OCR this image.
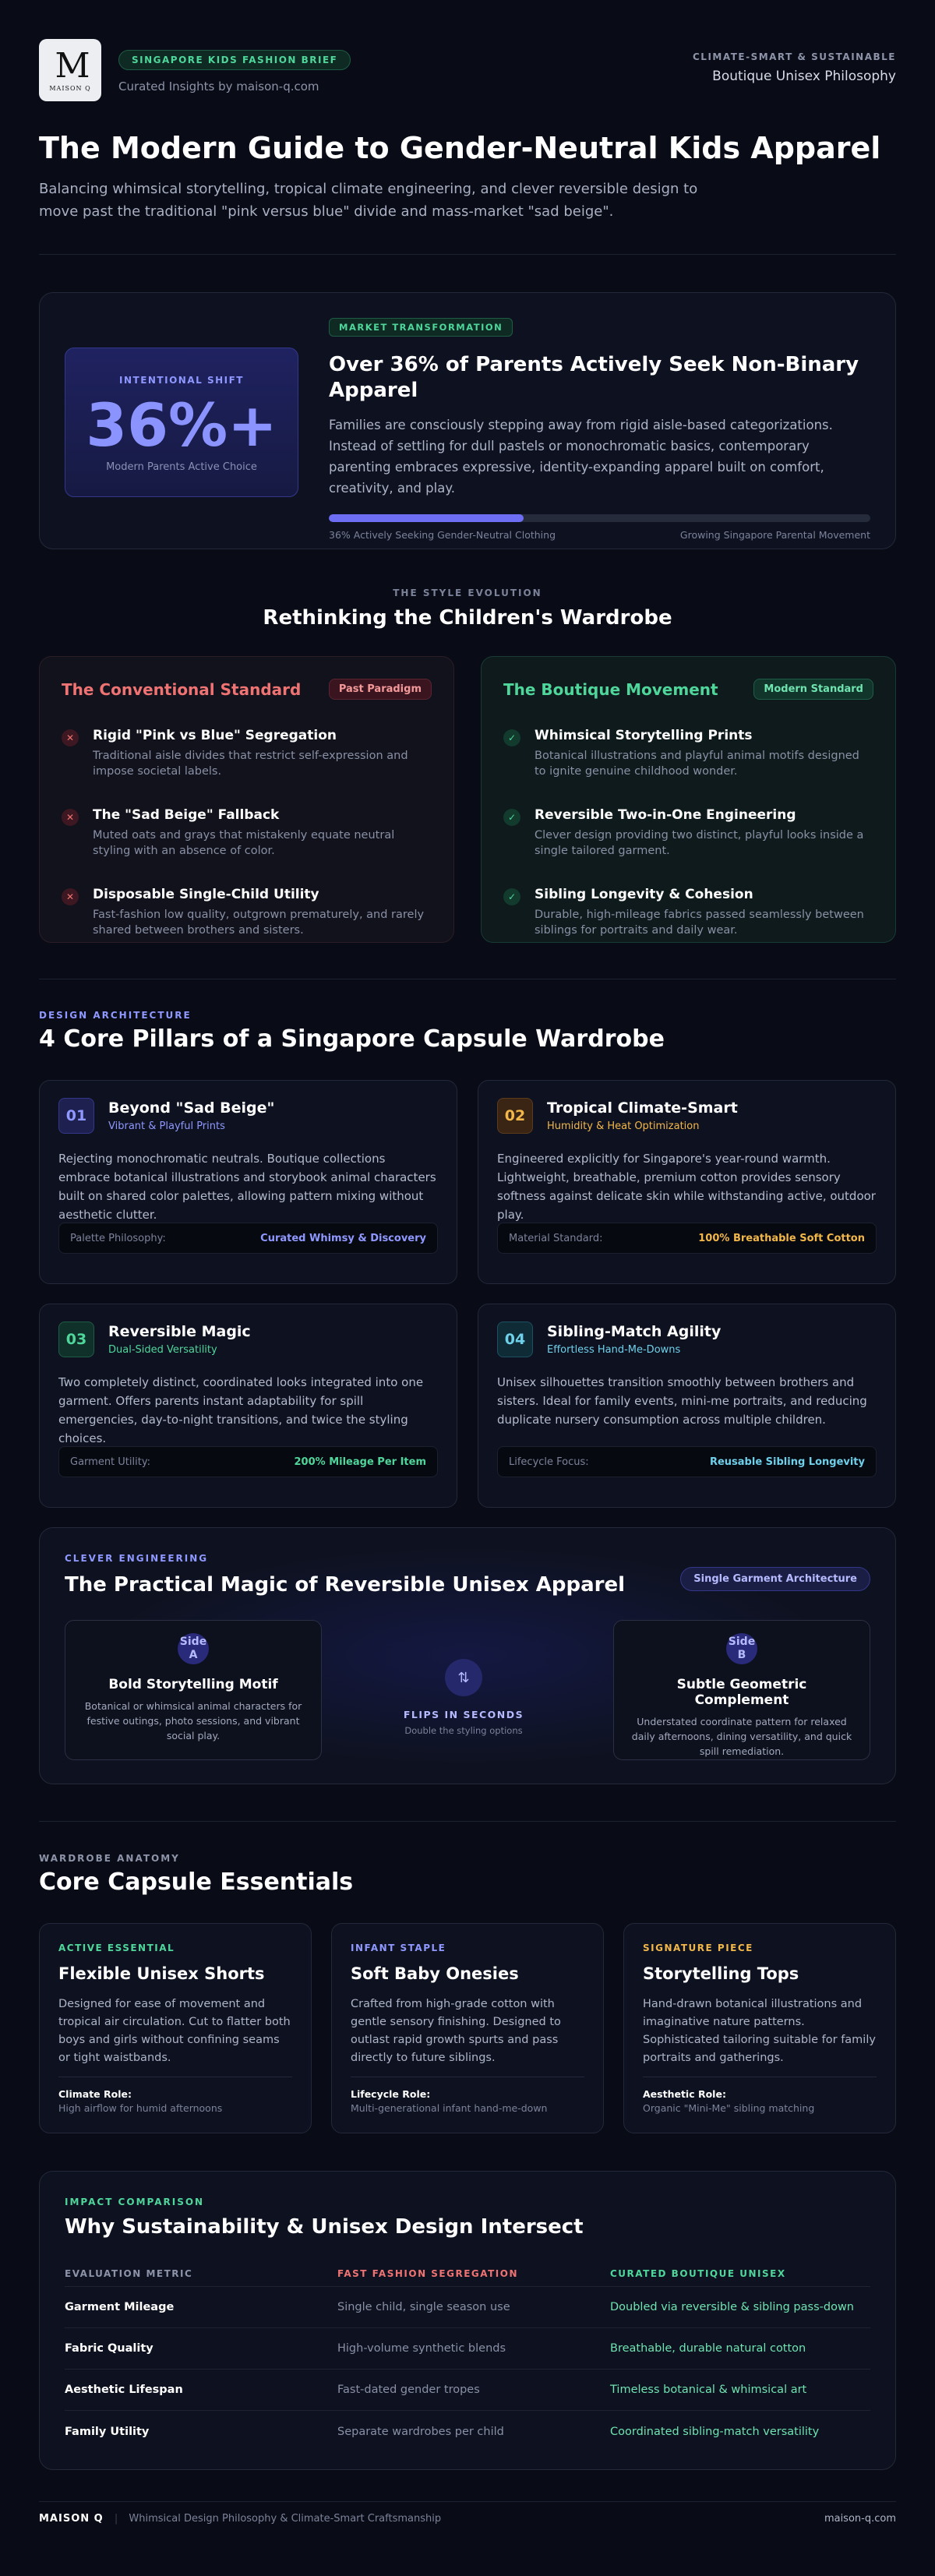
M
MAISON Q
SINGAPORE KIDS FASHION BRIEF
Curated Insights by maison-q.com
CLIMATE-SMART & SUSTAINABLE
Boutique Unisex Philosophy
The Modern Guide to Gender-Neutral Kids Apparel

Balancing whimsical storytelling, tropical climate engineering, and clever reversible design to move past the traditional "pink versus blue" divide and mass-market "sad beige".

INTENTIONAL SHIFT
36%+
Modern Parents Active Choice
MARKET TRANSFORMATION
Over 36% of Parents Actively Seek Non-Binary Apparel

Families are consciously stepping away from rigid aisle-based categorizations. Instead of settling for dull pastels or monochromatic basics, contemporary parenting embraces expressive, identity-expanding apparel built on comfort, creativity, and play.

36% Actively Seeking Gender-Neutral Clothing	Growing Singapore Parental Movement
THE STYLE EVOLUTION
Rethinking the Children's Wardrobe
The Conventional Standard	Past Paradigm
✕	Rigid "Pink vs Blue" Segregation

Traditional aisle divides that restrict self-expression and impose societal labels.

✕	The "Sad Beige" Fallback

Muted oats and grays that mistakenly equate neutral styling with an absence of color.

✕	Disposable Single-Child Utility

Fast-fashion low quality, outgrown prematurely, and rarely shared between brothers and sisters.

The Boutique Movement	Modern Standard
✓	Whimsical Storytelling Prints

Botanical illustrations and playful animal motifs designed to ignite genuine childhood wonder.

✓	Reversible Two-in-One Engineering

Clever design providing two distinct, playful looks inside a single tailored garment.

✓	Sibling Longevity & Cohesion

Durable, high-mileage fabrics passed seamlessly between siblings for portraits and daily wear.

DESIGN ARCHITECTURE
4 Core Pillars of a Singapore Capsule Wardrobe
01	Beyond "Sad Beige"
Vibrant & Playful Prints

Rejecting monochromatic neutrals. Boutique collections embrace botanical illustrations and storybook animal characters built on shared color palettes, allowing pattern mixing without aesthetic clutter.

Palette Philosophy:	Curated Whimsy & Discovery
02	Tropical Climate-Smart
Humidity & Heat Optimization

Engineered explicitly for Singapore's year-round warmth. Lightweight, breathable, premium cotton provides sensory softness against delicate skin while withstanding active, outdoor play.

Material Standard:	100% Breathable Soft Cotton
03	Reversible Magic
Dual-Sided Versatility

Two completely distinct, coordinated looks integrated into one garment. Offers parents instant adaptability for spill emergencies, day-to-night transitions, and twice the styling choices.

Garment Utility:	200% Mileage Per Item
04	Sibling-Match Agility
Effortless Hand-Me-Downs

Unisex silhouettes transition smoothly between brothers and sisters. Ideal for family events, mini-me portraits, and reducing duplicate nursery consumption across multiple children.

Lifecycle Focus:	Reusable Sibling Longevity
CLEVER ENGINEERING
The Practical Magic of Reversible Unisex Apparel	Single Garment Architecture
Side
A
Bold Storytelling Motif

Botanical or whimsical animal characters for festive outings, photo sessions, and vibrant social play.

⇅
FLIPS IN SECONDS
Double the styling options
Side
B
Subtle Geometric Complement

Understated coordinate pattern for relaxed daily afternoons, dining versatility, and quick spill remediation.

WARDROBE ANATOMY
Core Capsule Essentials
ACTIVE ESSENTIAL
Flexible Unisex Shorts

Designed for ease of movement and tropical air circulation. Cut to flatter both boys and girls without confining seams or tight waistbands.

Climate Role:
High airflow for humid afternoons
INFANT STAPLE
Soft Baby Onesies

Crafted from high-grade cotton with gentle sensory finishing. Designed to outlast rapid growth spurts and pass directly to future siblings.

Lifecycle Role:
Multi-generational infant hand-me-down
SIGNATURE PIECE
Storytelling Tops

Hand-drawn botanical illustrations and imaginative nature patterns. Sophisticated tailoring suitable for family portraits and gatherings.

Aesthetic Role:
Organic "Mini-Me" sibling matching
IMPACT COMPARISON
Why Sustainability & Unisex Design Intersect
EVALUATION METRIC	FAST FASHION SEGREGATION	CURATED BOUTIQUE UNISEX
Garment Mileage	Single child, single season use	Doubled via reversible & sibling pass-down
Fabric Quality	High-volume synthetic blends	Breathable, durable natural cotton
Aesthetic Lifespan	Fast-dated gender tropes	Timeless botanical & whimsical art
Family Utility	Separate wardrobes per child	Coordinated sibling-match versatility
MAISON Q | Whimsical Design Philosophy & Climate-Smart Craftsmanship	maison-q.com
